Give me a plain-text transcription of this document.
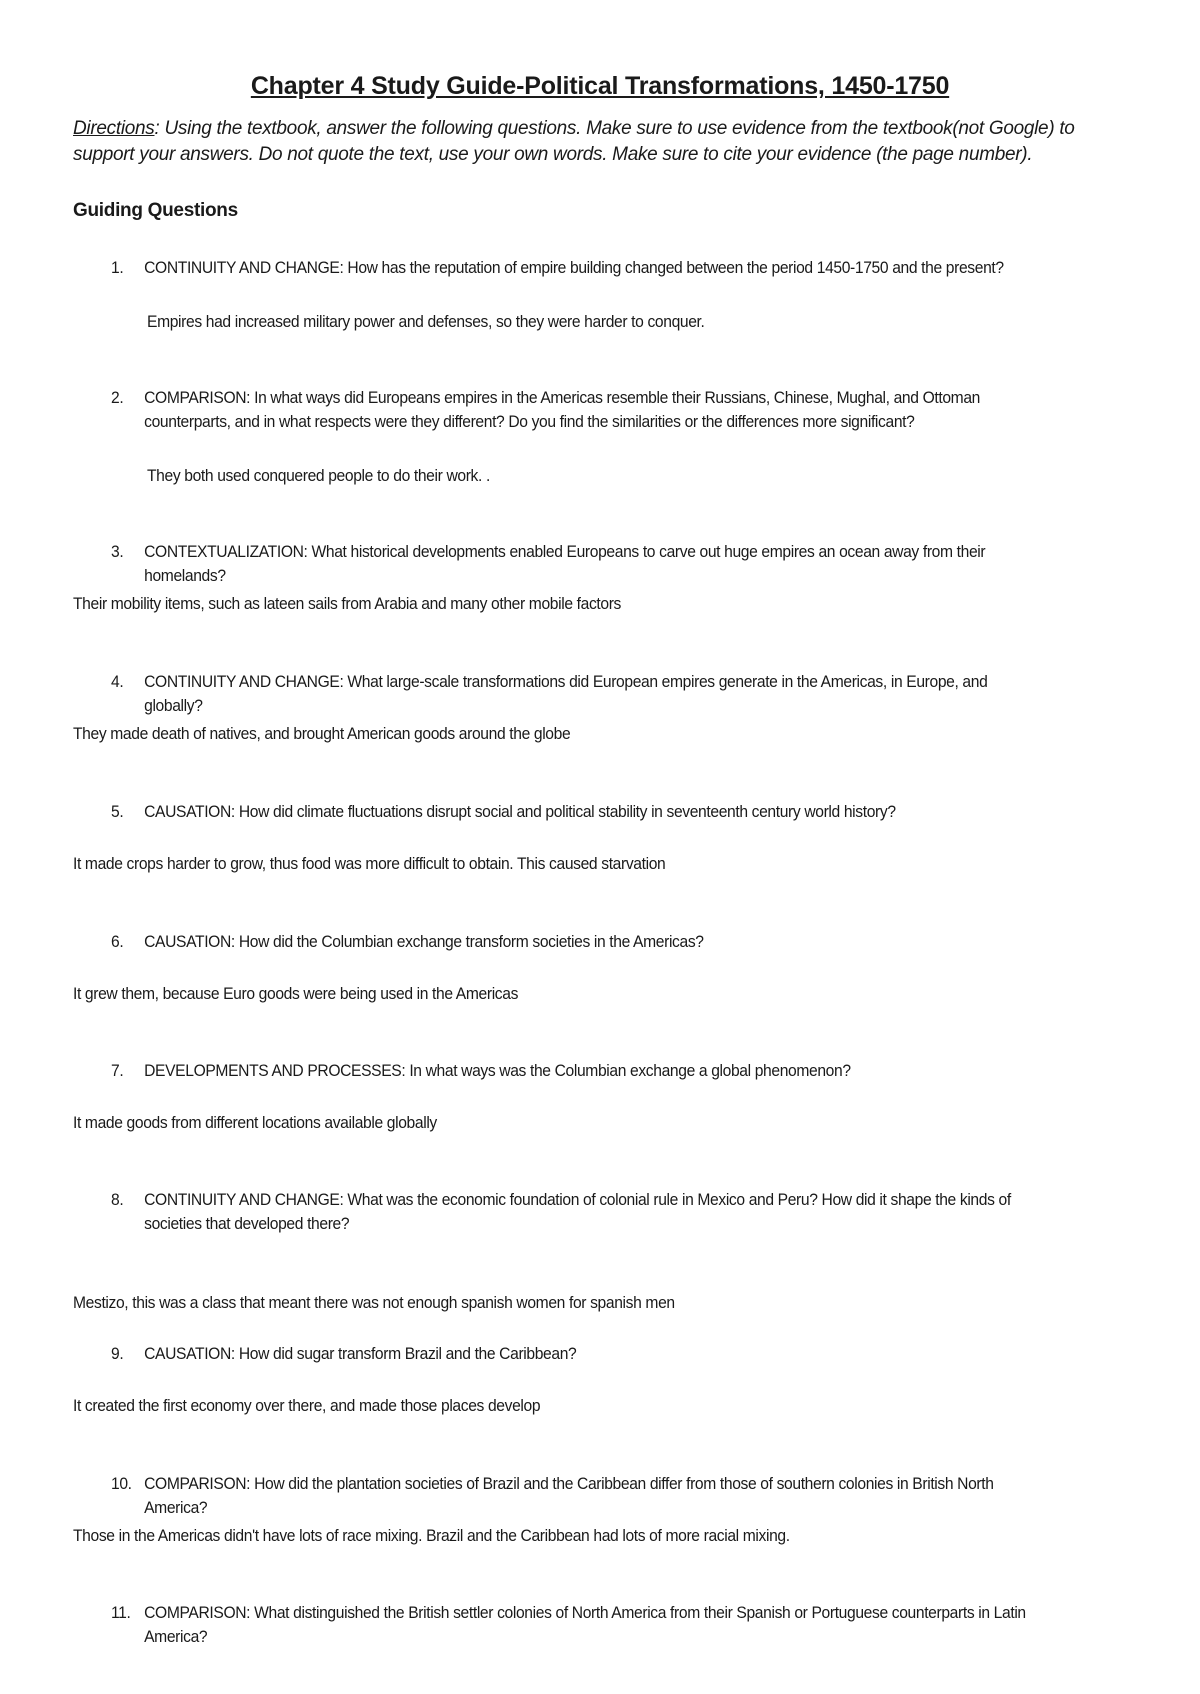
Chapter 4 Study Guide-Political Transformations, 1450-1750
Directions: Using the textbook, answer the following questions. Make sure to use evidence from the textbook(not Google) to support your answers. Do not quote the text, use your own words. Make sure to cite your evidence (the page number).
Guiding Questions
1. CONTINUITY AND CHANGE: How has the reputation of empire building changed between the period 1450-1750 and the present?
Empires had increased military power and defenses, so they were harder to conquer.
2. COMPARISON: In what ways did Europeans empires in the Americas resemble their Russians, Chinese, Mughal, and Ottoman counterparts, and in what respects were they different? Do you find the similarities or the differences more significant?
They both used conquered people to do their work. .
3. CONTEXTUALIZATION: What historical developments enabled Europeans to carve out huge empires an ocean away from their homelands?
Their mobility items, such as lateen sails from Arabia and many other mobile factors
4. CONTINUITY AND CHANGE: What large-scale transformations did European empires generate in the Americas, in Europe, and globally?
They made death of natives, and brought American goods around the globe
5. CAUSATION: How did climate fluctuations disrupt social and political stability in seventeenth century world history?
It made crops harder to grow, thus food was more difficult to obtain. This caused starvation
6. CAUSATION: How did the Columbian exchange transform societies in the Americas?
It grew them, because Euro goods were being used in the Americas
7. DEVELOPMENTS AND PROCESSES: In what ways was the Columbian exchange a global phenomenon?
It made goods from different locations available globally
8. CONTINUITY AND CHANGE: What was the economic foundation of colonial rule in Mexico and Peru? How did it shape the kinds of societies that developed there?
Mestizo, this was a class that meant there was not enough spanish women for spanish men
9. CAUSATION: How did sugar transform Brazil and the Caribbean?
It created the first economy over there, and made those places develop
10. COMPARISON: How did the plantation societies of Brazil and the Caribbean differ from those of southern colonies in British North America?
Those in the Americas didn't have lots of race mixing. Brazil and the Caribbean had lots of more racial mixing.
11. COMPARISON: What distinguished the British settler colonies of North America from their Spanish or Portuguese counterparts in Latin America?
